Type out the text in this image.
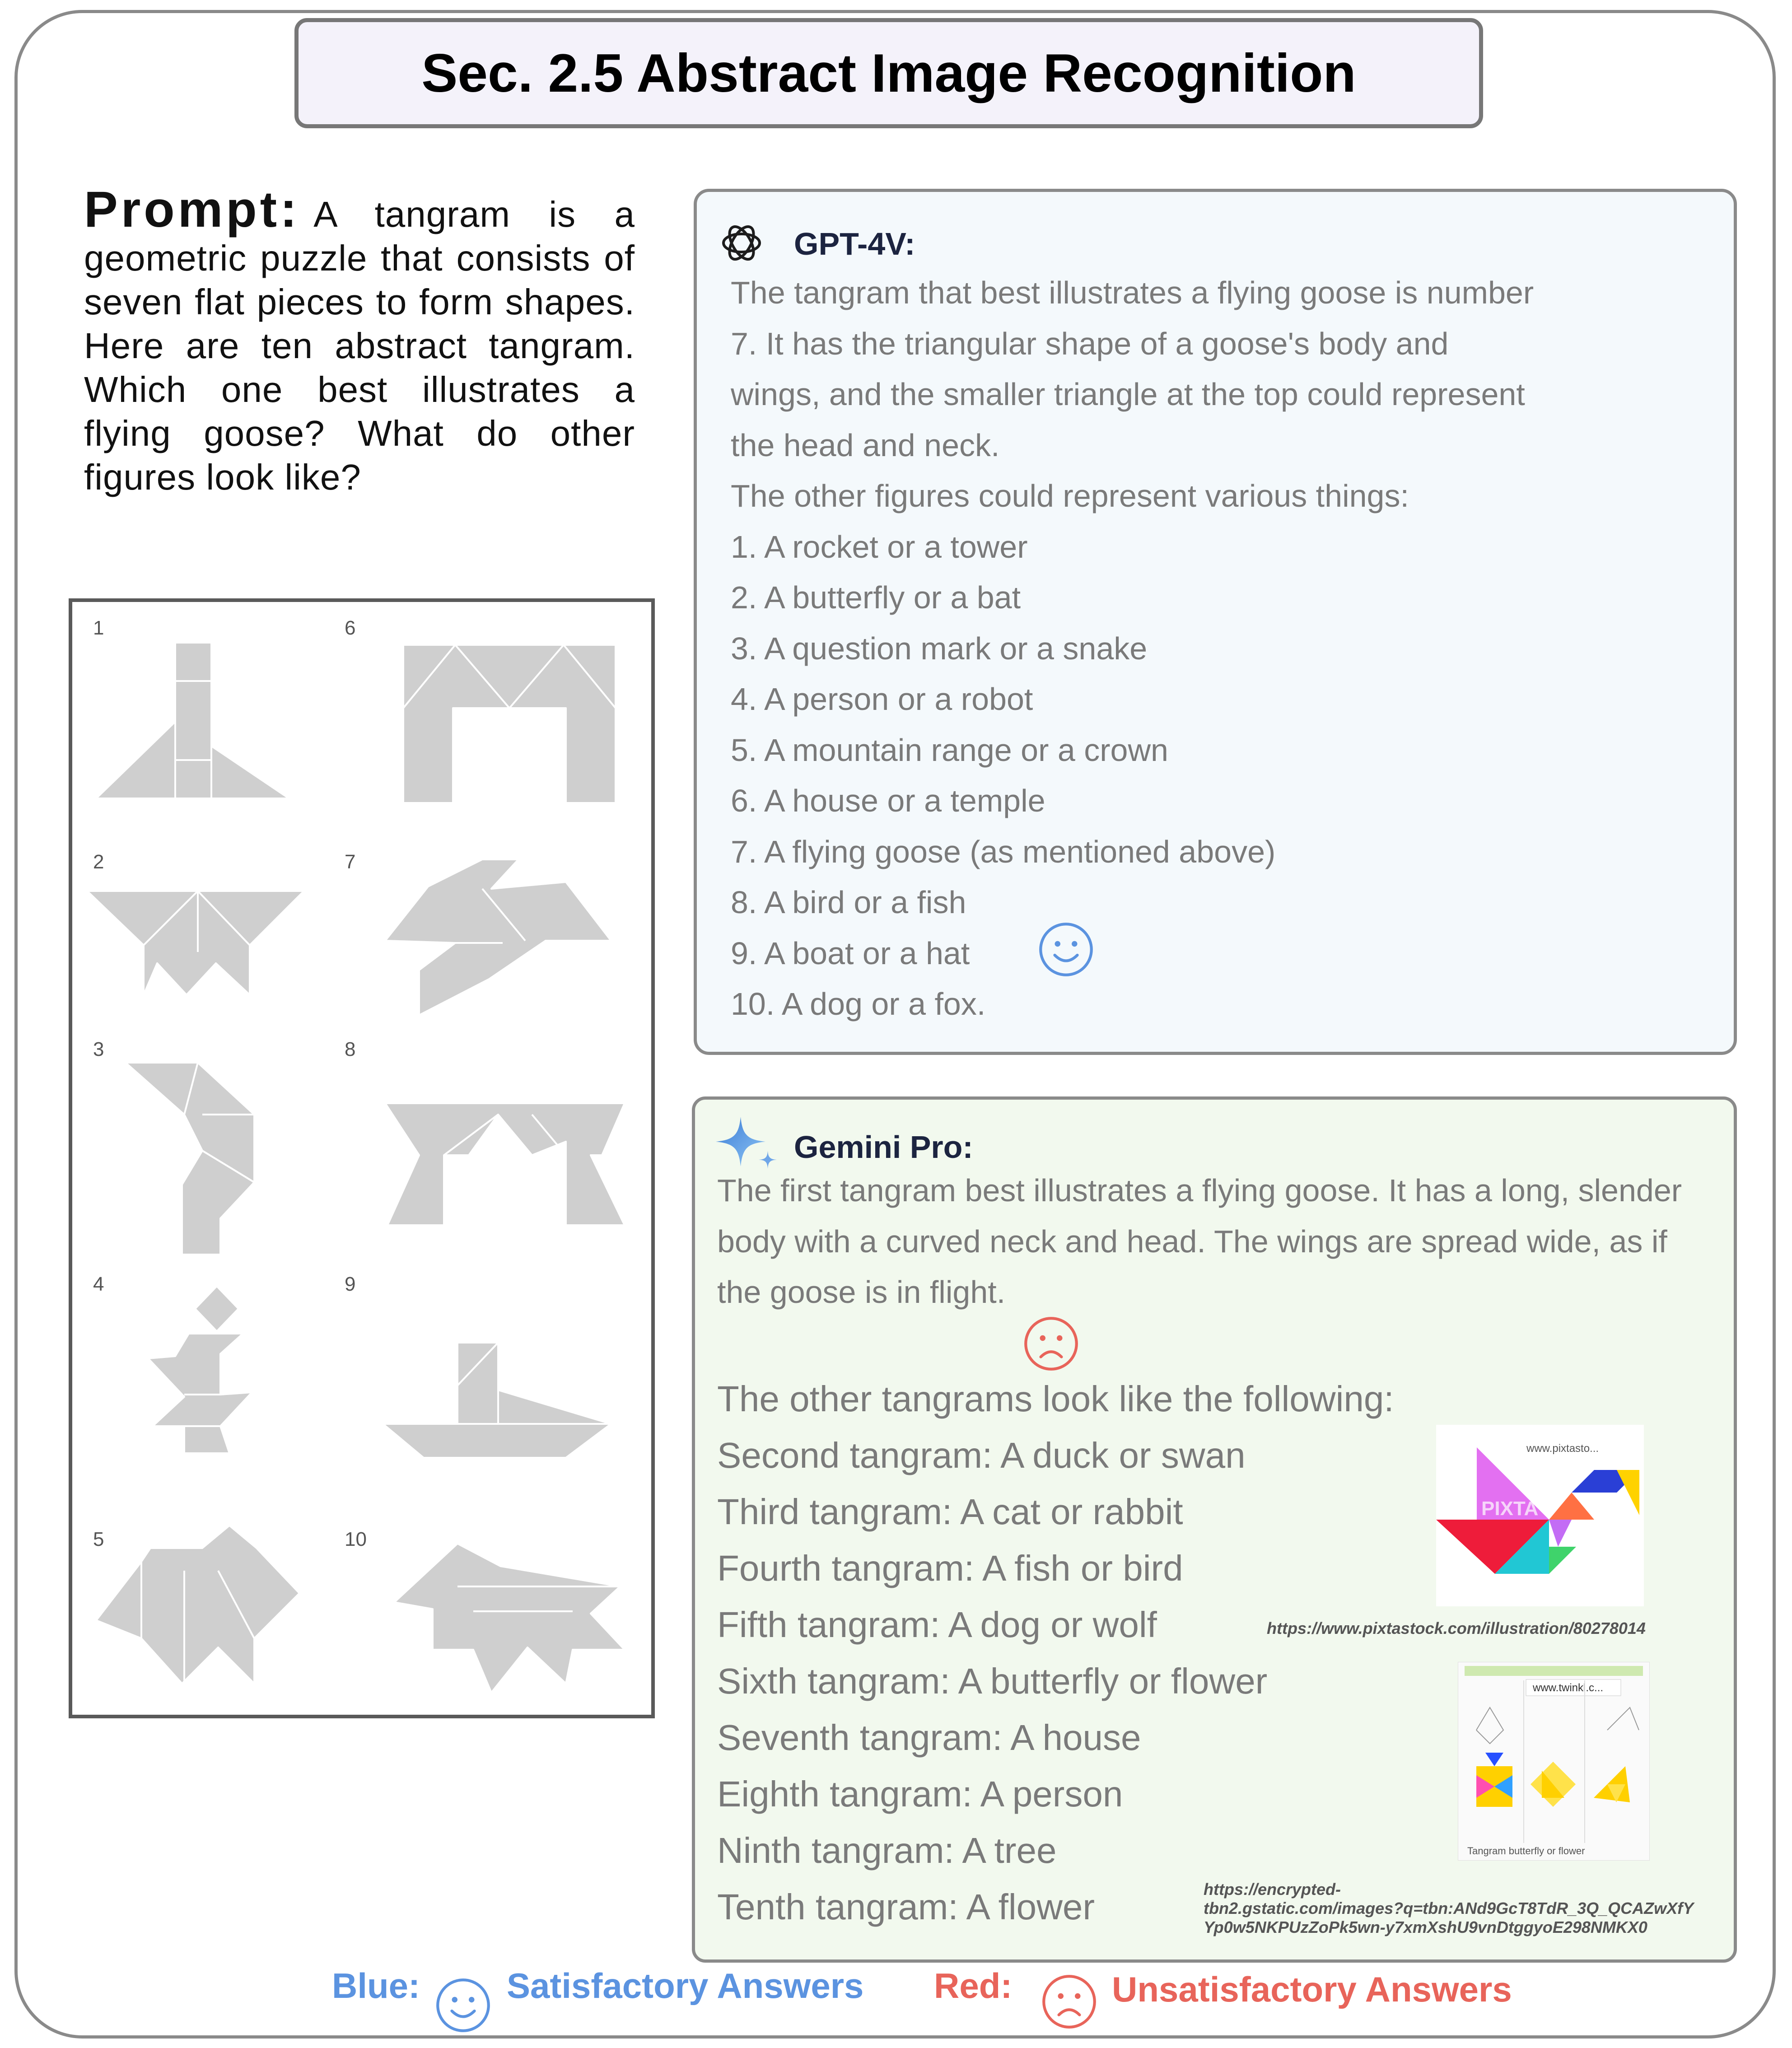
Sec. 2.5 Abstract Image Recognition
Prompt: A tangram is a geometric puzzle that consists of seven flat pieces to form shapes. Here are ten abstract tangram. Which one best illustrates a flying goose? What do other figures look like?
1
2
3
4
5
6
7
8
9
10
GPT-4V:
The tangram that best illustrates a flying goose is number
7. It has the triangular shape of a goose's body and
wings, and the smaller triangle at the top could represent
the head and neck.
The other figures could represent various things:
1. A rocket or a tower
2. A butterfly or a bat
3. A question mark or a snake
4. A person or a robot
5. A mountain range or a crown
6. A house or a temple
7. A flying goose (as mentioned above)
8. A bird or a fish
9. A boat or a hat
10. A dog or a fox.
Gemini Pro:
The first tangram best illustrates a flying goose. It has a long, slender
body with a curved neck and head. The wings are spread wide, as if
the goose is in flight.
The other tangrams look like the following:
Second tangram: A duck or swan
Third tangram: A cat or rabbit
Fourth tangram: A fish or bird
Fifth tangram: A dog or wolf
Sixth tangram: A butterfly or flower
Seventh tangram: A house
Eighth tangram: A person
Ninth tangram: A tree
Tenth tangram: A flower
PIXTA
www.pixtasto...
https://www.pixtastock.com/illustration/80278014
www.twinkl.c...
Tangram butterfly or flower
https://encrypted-
tbn2.gstatic.com/images?q=tbn:ANd9GcT8TdR_3Q_QCAZwXfY
Yp0w5NKPUzZoPk5wn-y7xmXshU9vnDtggyoE298NMKX0
Blue: Satisfactory Answers Red:	Unsatisfactory Answers
